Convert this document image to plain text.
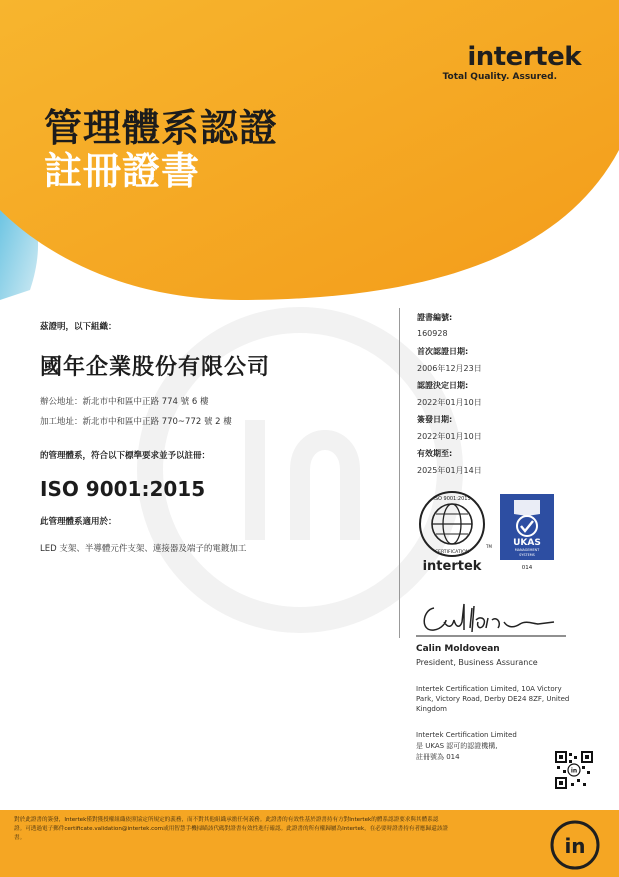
intertek
Total Quality. Assured.
管理體系認證
註冊證書
茲證明，以下組織：
國年企業股份有限公司
辦公地址：新北市中和區中正路 774 號 6 樓
加工地址：新北市中和區中正路 770~772 號 2 樓
的管理體系，符合以下標準要求並予以註冊：
ISO 9001:2015
此管理體系適用於：
LED 支架、半導體元件支架、連接器及端子的電鍍加工
證書編號:
160928
首次認證日期:
2006年12月23日
認證決定日期:
2022年01月10日
簽發日期:
2022年01月10日
有效期至:
2025年01月14日
ISO 9001:2015
CERTIFICATION
intertek
TM UKAS
MANAGEMENT
SYSTEMS
014
Calin Moldovean
President, Business Assurance
Intertek Certification Limited, 10A Victory
Park, Victory Road, Derby DE24 8ZF, United
Kingdom
Intertek Certification Limited
是 UKAS 認可的認證機構,
註冊號為 014
in
對於此證書的簽發，Intertek僅對獲授權組織依照協定所規定的義務，而不對其他組織承擔任何義務。此證書的有效性基於證書持有方對Intertek的體系認證要求與其體系認
證。可透過電子郵件certificate.validation@intertek.com或用智慧手機掃瞄該代碼對證書有效性進行確認。此證書的所有權歸屬為Intertek，在必要時證書持有者應歸還該證
書。	in
